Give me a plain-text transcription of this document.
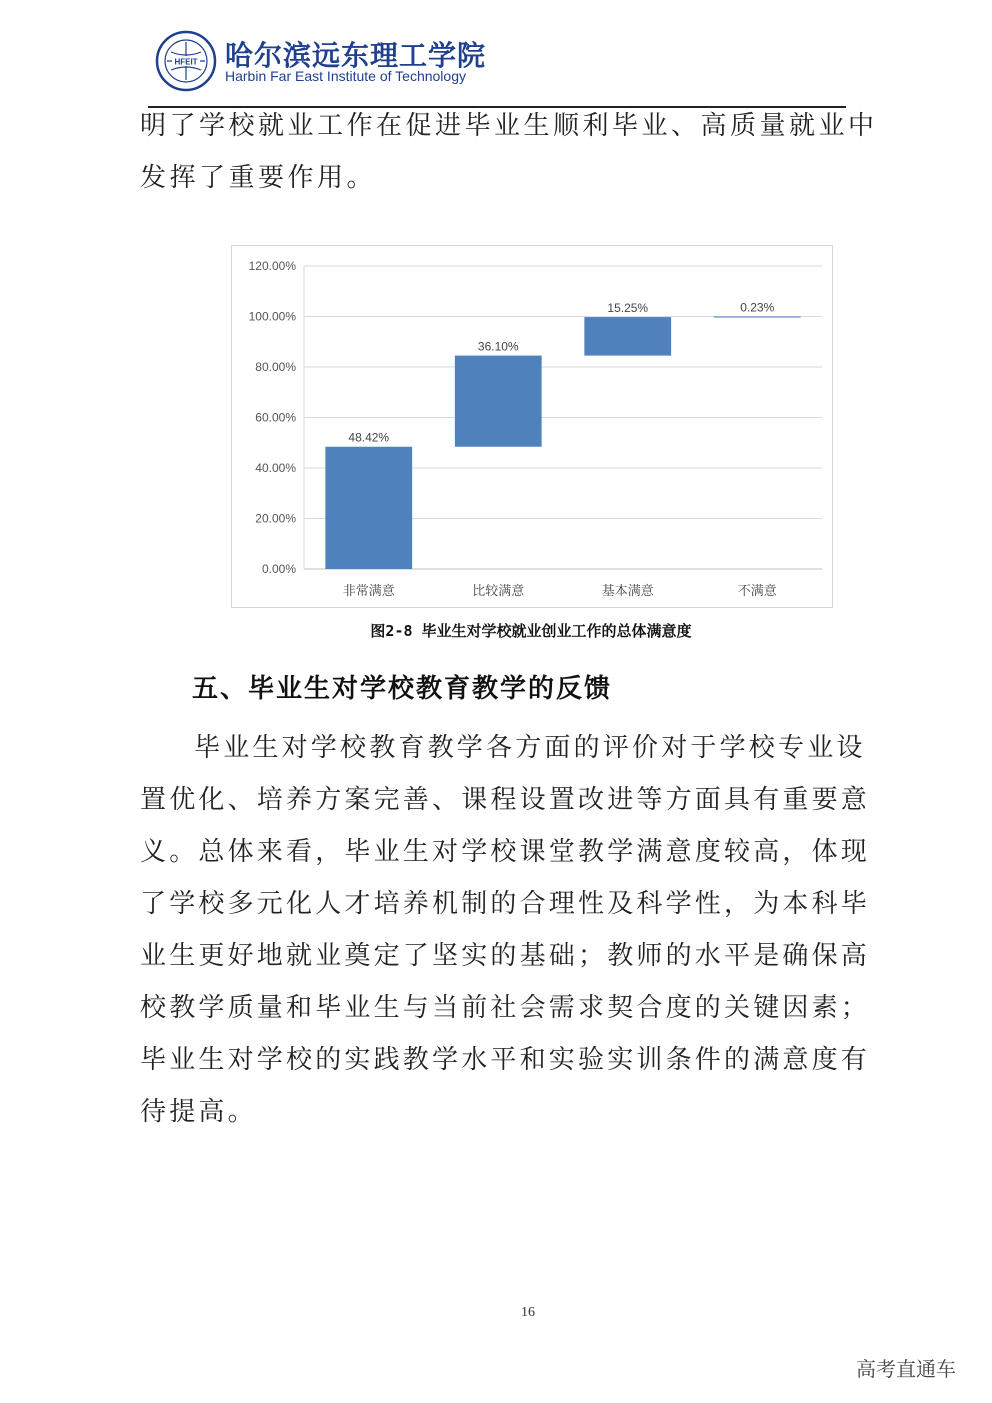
HFEIT 哈尔滨远东理工学院
Harbin Far East Institute of Technology

明了学校就业工作在促进毕业生顺利毕业、高质量就业中发挥了重要作用。

0.00%
20.00%
40.00%
60.00%
80.00%
100.00%
120.00%
48.42%
非常满意
36.10%
比较满意
15.25%
基本满意
0.23%
不满意
图2-8 毕业生对学校就业创业工作的总体满意度
五、毕业生对学校教育教学的反馈

毕业生对学校教育教学各方面的评价对于学校专业设置优化、培养方案完善、课程设置改进等方面具有重要意义。总体来看，毕业生对学校课堂教学满意度较高，体现了学校多元化人才培养机制的合理性及科学性，为本科毕业生更好地就业奠定了坚实的基础；教师的水平是确保高校教学质量和毕业生与当前社会需求契合度的关键因素；毕业生对学校的实践教学水平和实验实训条件的满意度有待提高。

16
高考直通车
